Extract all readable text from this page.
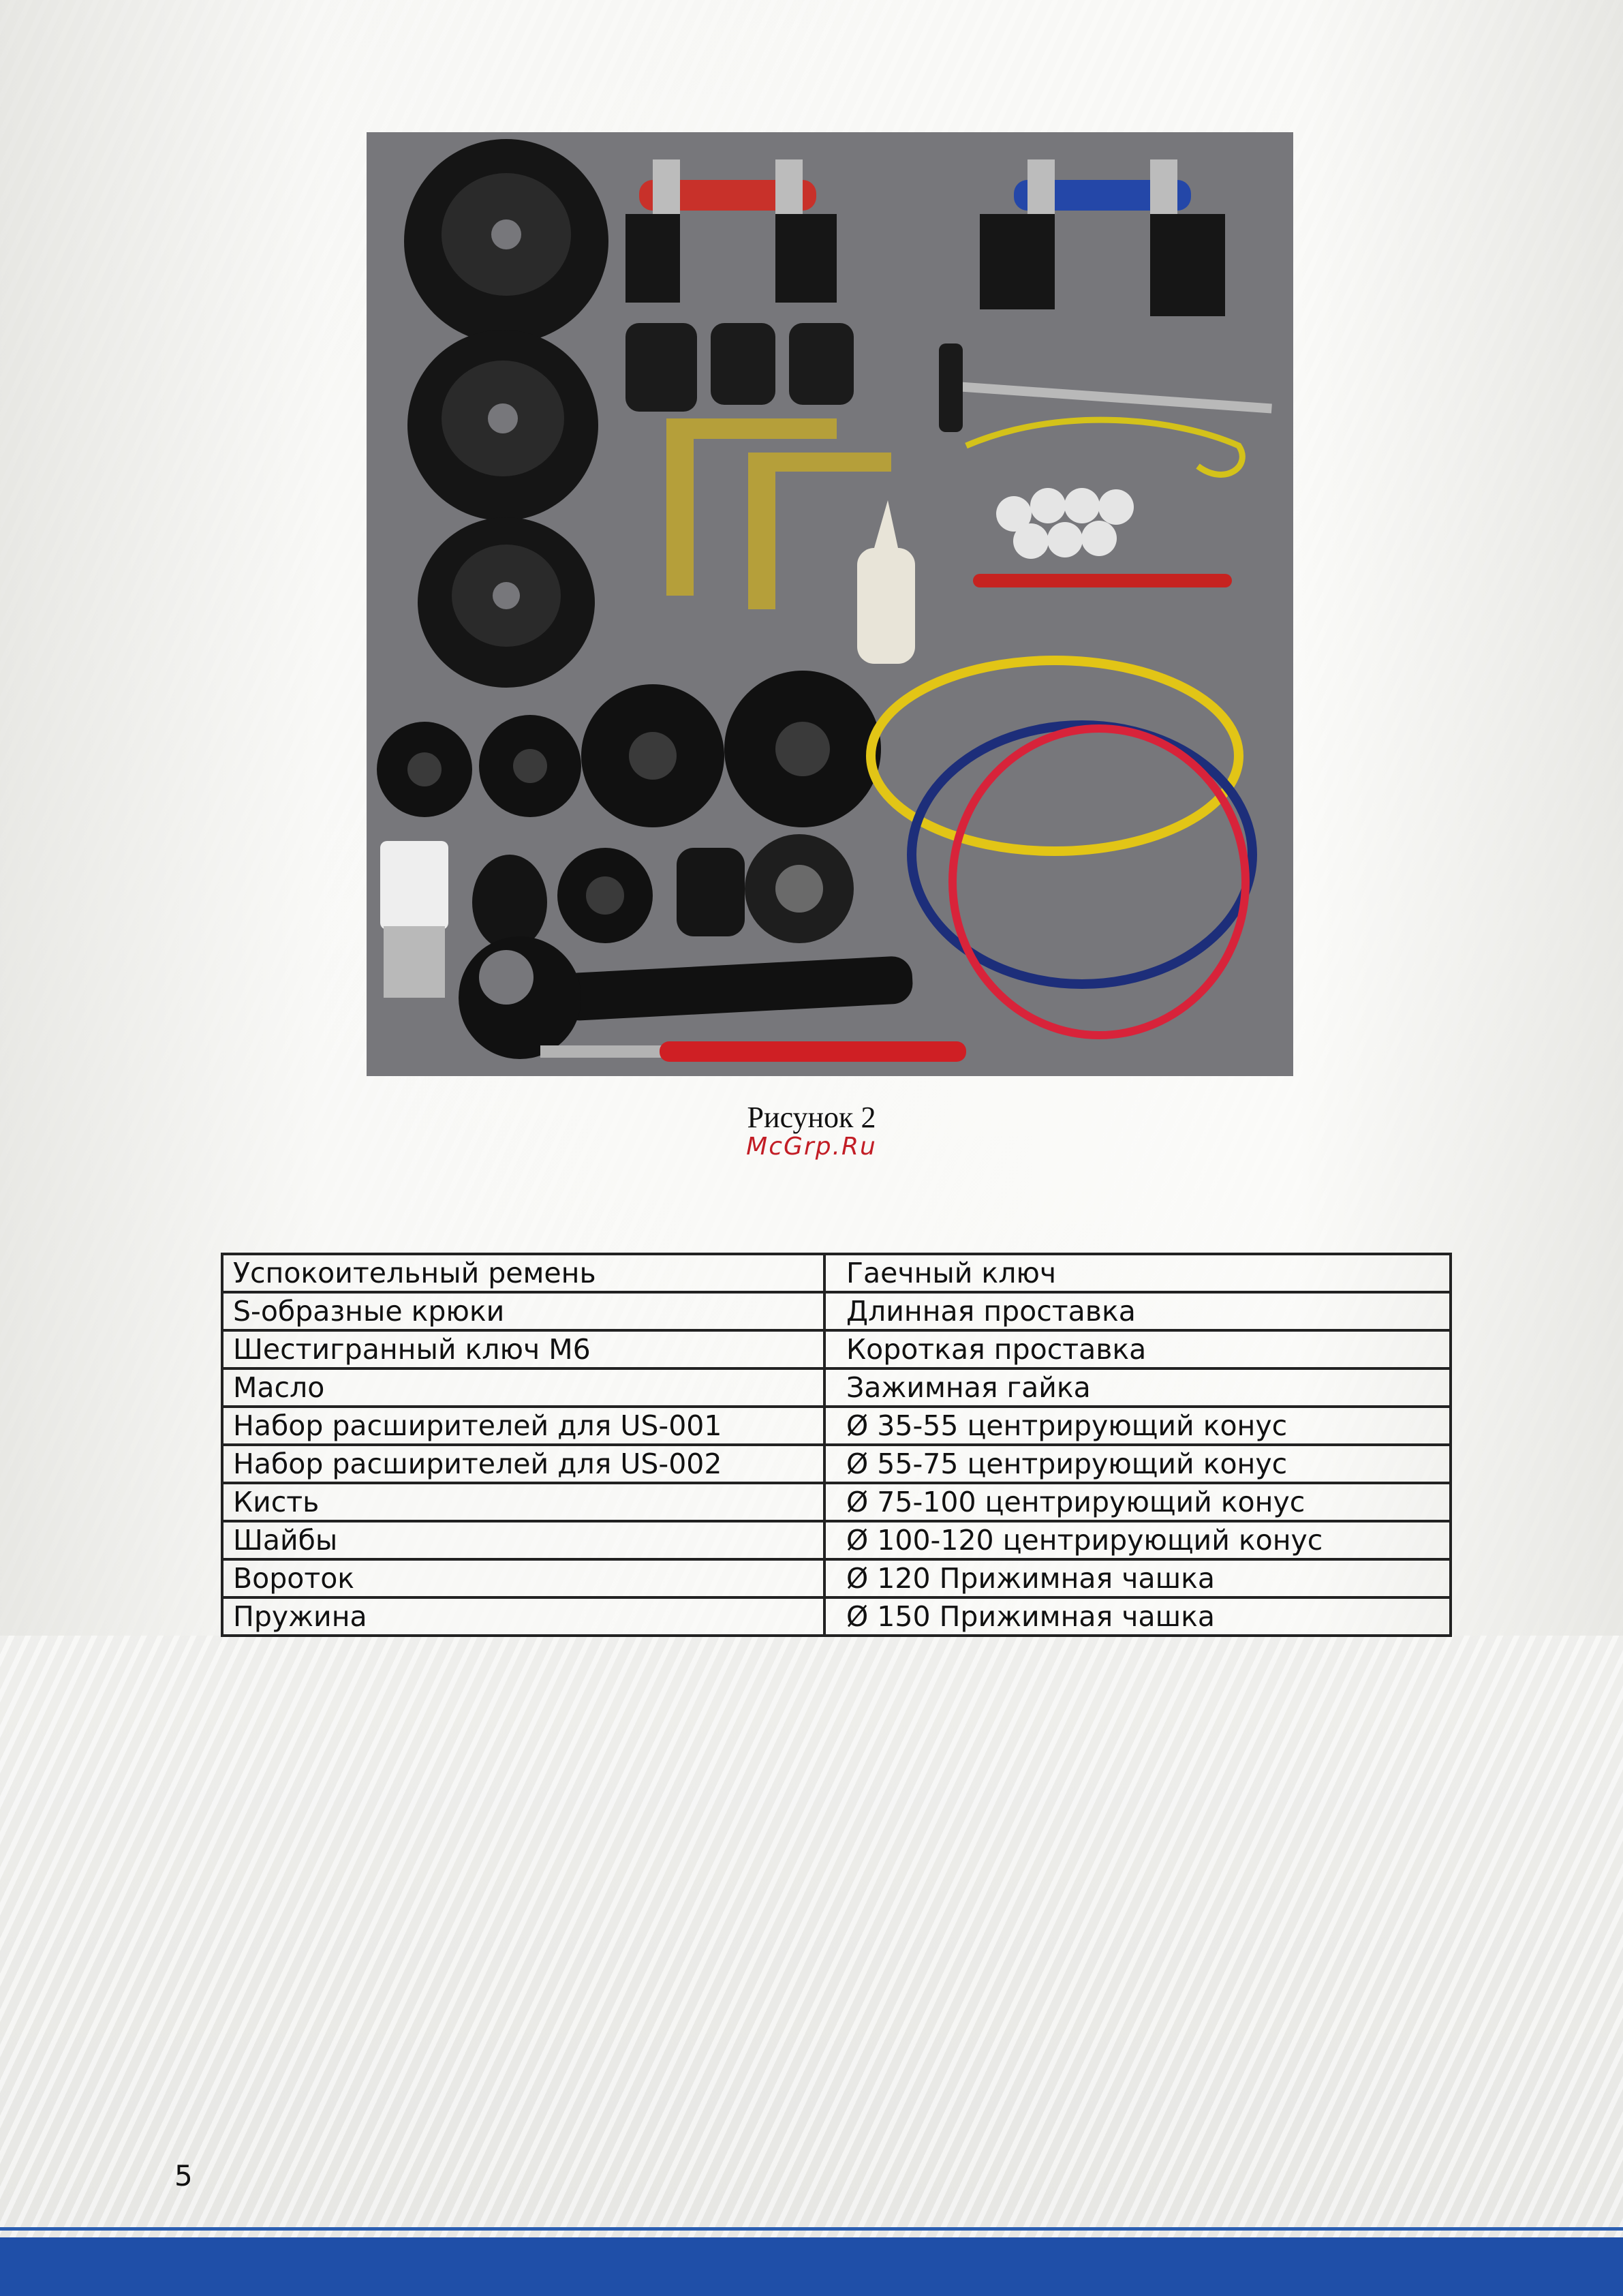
Рисунок 2
McGrp.Ru
Успокоительный ремень	Гаечный ключ
S-образные крюки	Длинная проставка
Шестигранный ключ М6	Короткая проставка
Масло	Зажимная гайка
Набор расширителей для US-001	Ø 35-55 центрирующий конус
Набор расширителей для US-002	Ø 55-75 центрирующий конус
Кисть	Ø 75-100 центрирующий конус
Шайбы	Ø 100-120 центрирующий конус
Вороток	Ø 120 Прижимная чашка
Пружина	Ø 150 Прижимная чашка
5
